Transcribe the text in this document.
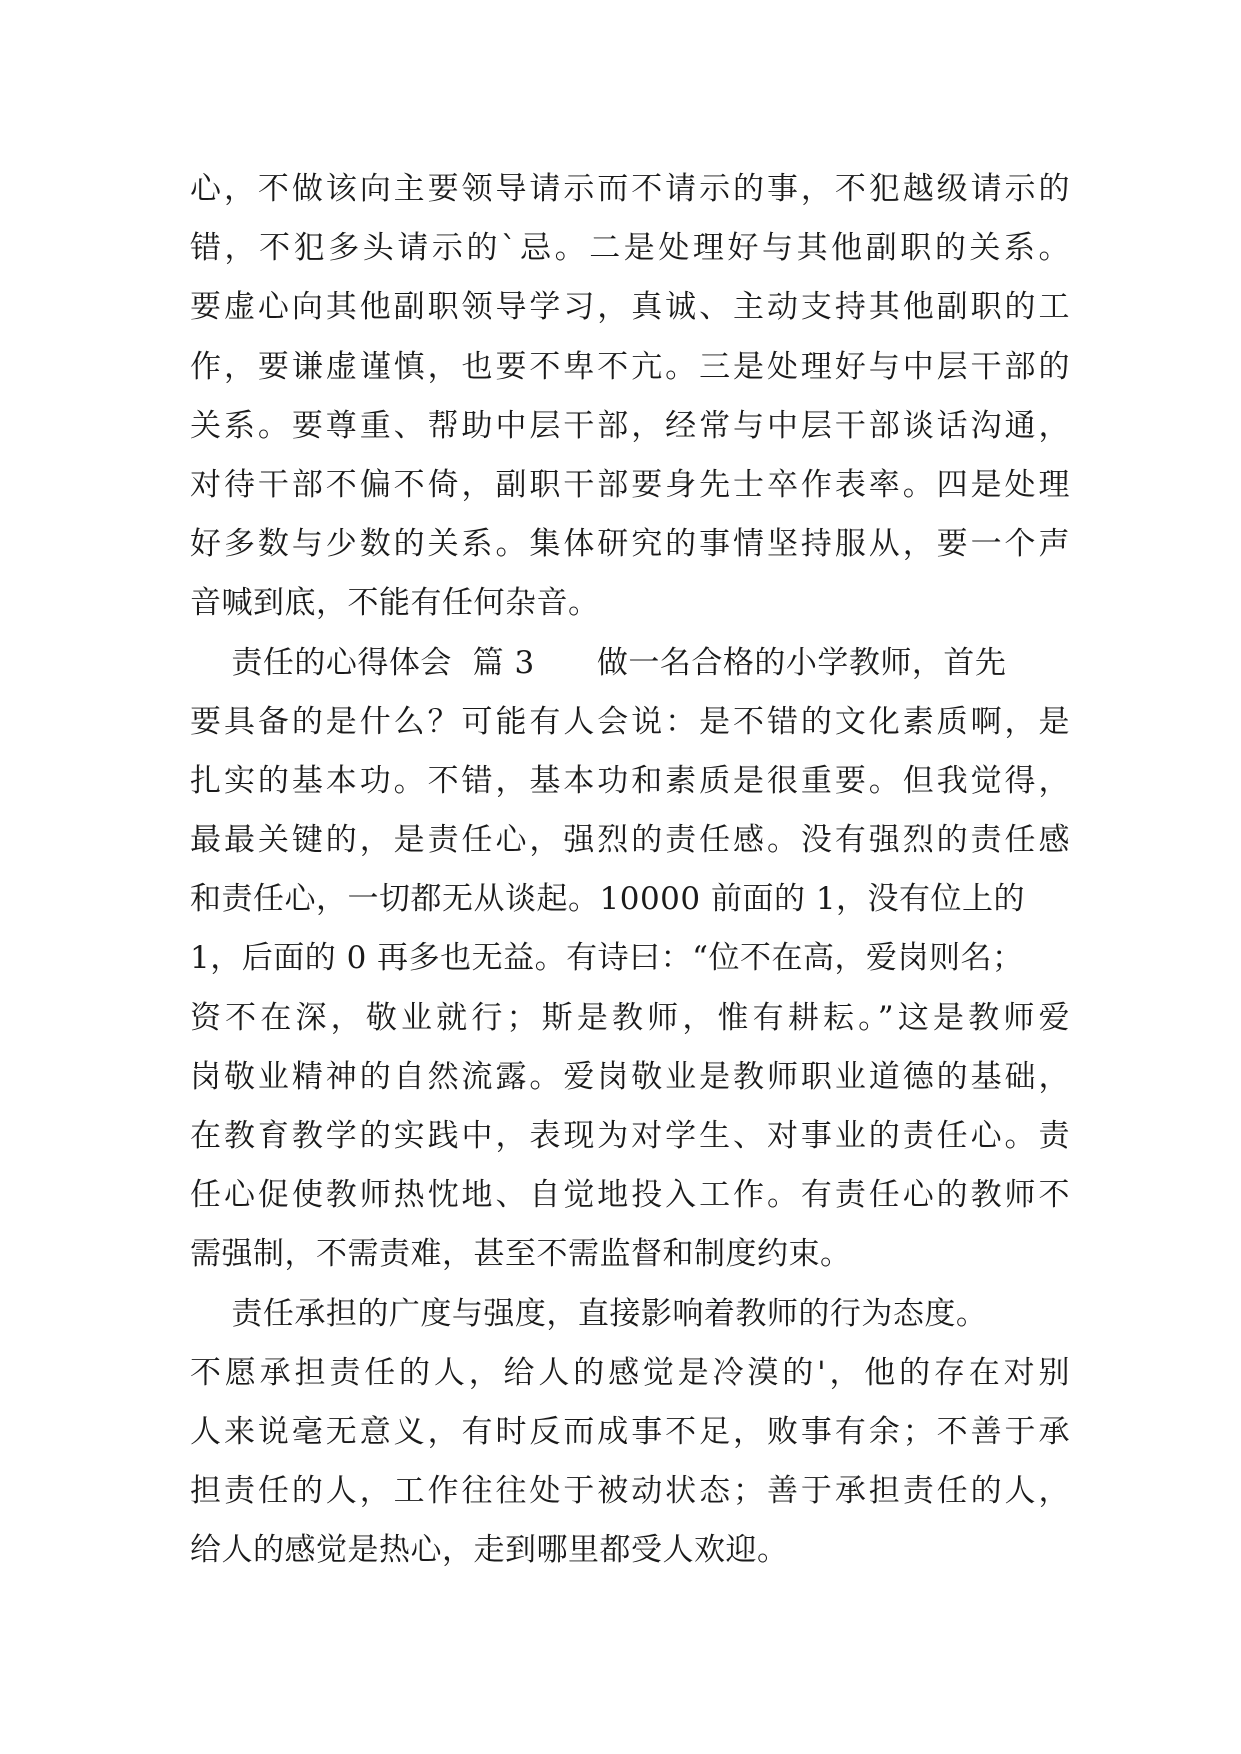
心，不做该向主要领导请示而不请示的事，不犯越级请示的
错，不犯多头请示的`忌。二是处理好与其他副职的关系。
要虚心向其他副职领导学习，真诚、主动支持其他副职的工
作，要谦虚谨慎，也要不卑不亢。三是处理好与中层干部的
关系。要尊重、帮助中层干部，经常与中层干部谈话沟通，
对待干部不偏不倚，副职干部要身先士卒作表率。四是处理
好多数与少数的关系。集体研究的事情坚持服从，要一个声
音喊到底，不能有任何杂音。
责任的心得体会  篇 3      做一名合格的小学教师，首先
要具备的是什么？可能有人会说：是不错的文化素质啊，是
扎实的基本功。不错，基本功和素质是很重要。但我觉得，
最最关键的，是责任心，强烈的责任感。没有强烈的责任感
和责任心，一切都无从谈起。10000 前面的 1，没有位上的
1，后面的 0 再多也无益。有诗曰：“位不在高，爱岗则名；
资不在深，敬业就行；斯是教师，惟有耕耘。”这是教师爱
岗敬业精神的自然流露。爱岗敬业是教师职业道德的基础，
在教育教学的实践中，表现为对学生、对事业的责任心。责
任心促使教师热忱地、自觉地投入工作。有责任心的教师不
需强制，不需责难，甚至不需监督和制度约束。
责任承担的广度与强度，直接影响着教师的行为态度。
不愿承担责任的人，给人的感觉是冷漠的'，他的存在对别
人来说毫无意义，有时反而成事不足，败事有余；不善于承
担责任的人，工作往往处于被动状态；善于承担责任的人，
给人的感觉是热心，走到哪里都受人欢迎。
